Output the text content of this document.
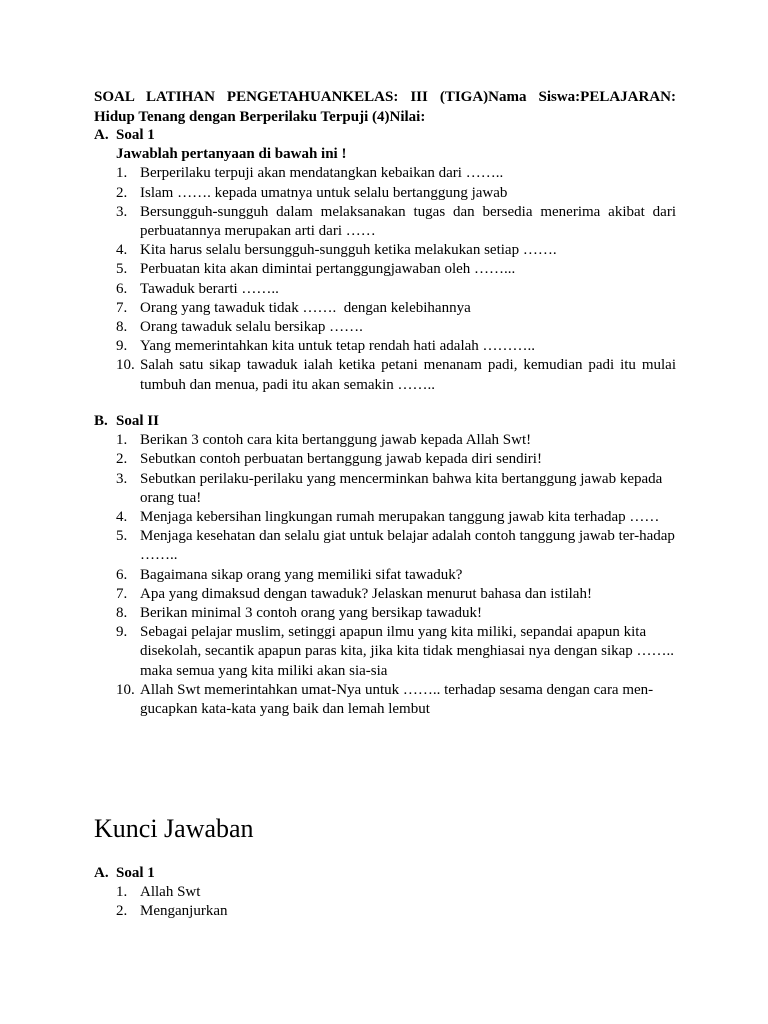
SOAL LATIHAN PENGETAHUANKELAS: III (TIGA)Nama Siswa:PELAJARAN:
Hidup Tenang dengan Berperilaku Terpuji (4)Nilai:
A. Soal 1
Jawablah pertanyaan di bawah ini !
1. Berperilaku terpuji akan mendatangkan kebaikan dari ……..
2. Islam ……. kepada umatnya untuk selalu bertanggung jawab
3. Bersungguh-sungguh dalam melaksanakan tugas dan bersedia menerima akibat dari perbuatannya merupakan arti dari ……
4. Kita harus selalu bersungguh-sungguh ketika melakukan setiap …….
5. Perbuatan kita akan dimintai pertanggungjawaban oleh ……...
6. Tawaduk berarti ……..
7. Orang yang tawaduk tidak …….  dengan kelebihannya
8. Orang tawaduk selalu bersikap …….
9. Yang memerintahkan kita untuk tetap rendah hati adalah ………..
10. Salah satu sikap tawaduk ialah ketika petani menanam padi, kemudian padi itu mulai tumbuh dan menua, padi itu akan semakin ……..
B. Soal II
1. Berikan 3 contoh cara kita bertanggung jawab kepada Allah Swt!
2. Sebutkan contoh perbuatan bertanggung jawab kepada diri sendiri!
3. Sebutkan perilaku-perilaku yang mencerminkan bahwa kita bertanggung jawab kepada orang tua!
4. Menjaga kebersihan lingkungan rumah merupakan tanggung jawab kita terhadap ……
5. Menjaga kesehatan dan selalu giat untuk belajar adalah contoh tanggung jawab ter-hadap ……..
6. Bagaimana sikap orang yang memiliki sifat tawaduk?
7. Apa yang dimaksud dengan tawaduk? Jelaskan menurut bahasa dan istilah!
8. Berikan minimal 3 contoh orang yang bersikap tawaduk!
9. Sebagai pelajar muslim, setinggi apapun ilmu yang kita miliki, sepandai apapun kita disekolah, secantik apapun paras kita, jika kita tidak menghiasai nya dengan sikap …….. maka semua yang kita miliki akan sia-sia
10. Allah Swt memerintahkan umat-Nya untuk …….. terhadap sesama dengan cara men-gucapkan kata-kata yang baik dan lemah lembut
Kunci Jawaban
A. Soal 1
1. Allah Swt
2. Menganjurkan
